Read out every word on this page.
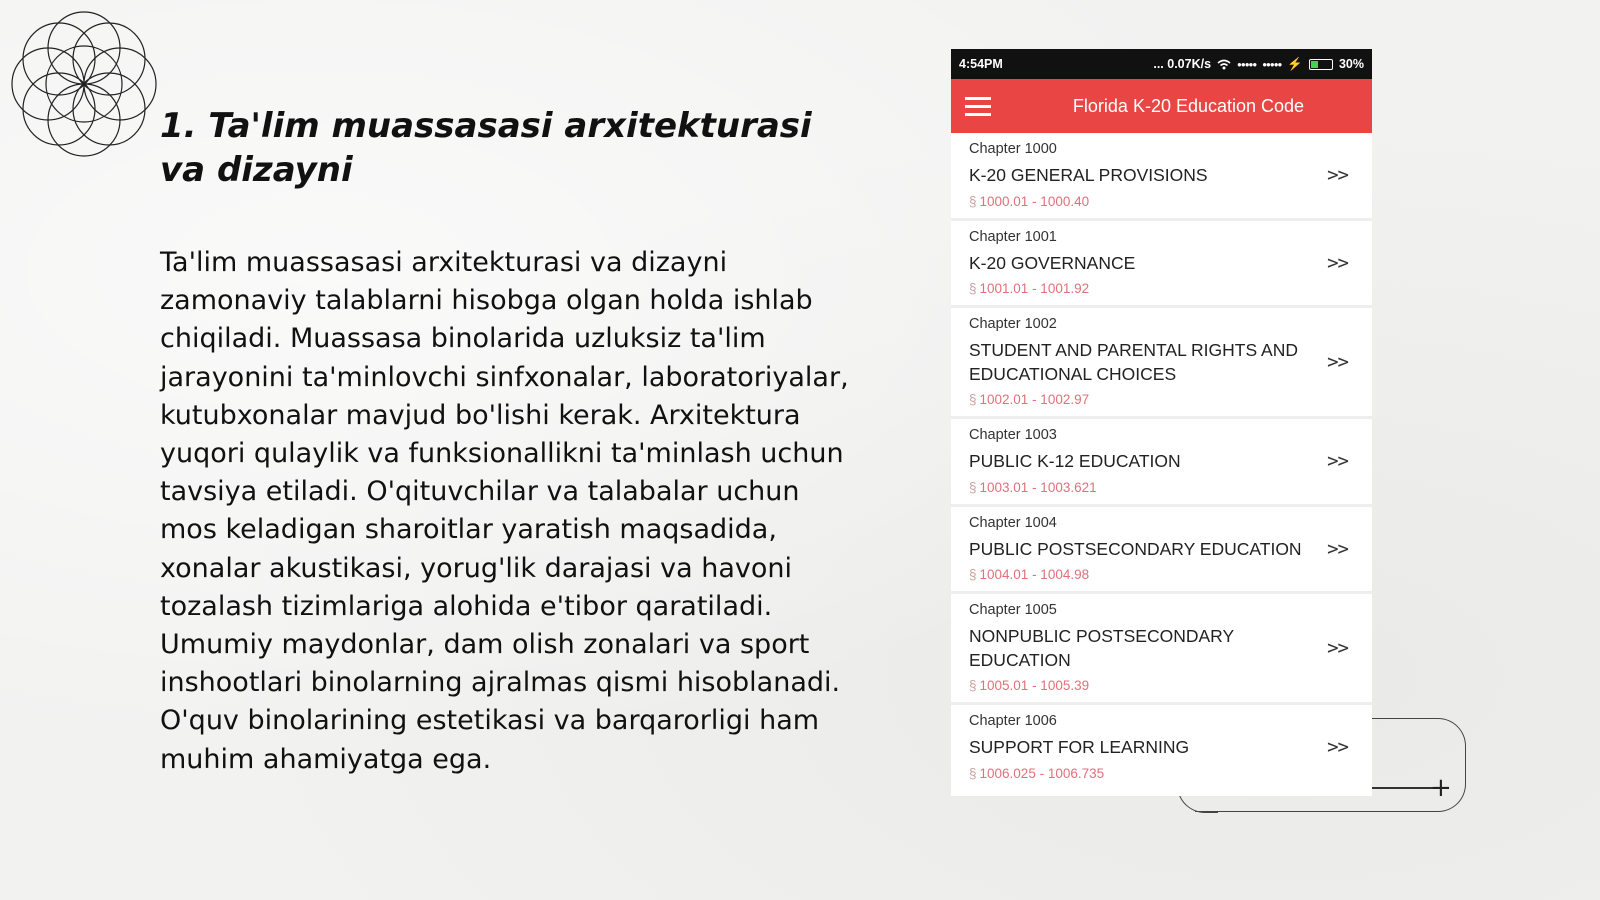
1. Ta'lim muassasasi arxitekturasi va dizayni

Ta'lim muassasasi arxitekturasi va dizayni zamonaviy talablarni hisobga olgan holda ishlab chiqiladi. Muassasa binolarida uzluksiz ta'lim jarayonini ta'minlovchi sinfxonalar, laboratoriyalar, kutubxonalar mavjud bo'lishi kerak. Arxitektura yuqori qulaylik va funksionallikni ta'minlash uchun tavsiya etiladi. O'qituvchilar va talabalar uchun mos keladigan sharoitlar yaratish maqsadida, xonalar akustikasi, yorug'lik darajasi va havoni tozalash tizimlariga alohida e'tibor qaratiladi. Umumiy maydonlar, dam olish zonalari va sport inshootlari binolarning ajralmas qismi hisoblanadi. O'quv binolarining estetikasi va barqarorligi ham muhim ahamiyatga ega.

+
4:54PM	... 0.07K/s	●●●●● ●●●●● ⚡	30%
Florida K-20 Education Code
Chapter 1000
K-20 GENERAL PROVISIONS
§ 1000.01 - 1000.40
>>
Chapter 1001
K-20 GOVERNANCE
§ 1001.01 - 1001.92
>>
Chapter 1002
STUDENT AND PARENTAL RIGHTS AND EDUCATIONAL CHOICES
§ 1002.01 - 1002.97
>>
Chapter 1003
PUBLIC K-12 EDUCATION
§ 1003.01 - 1003.621
>>
Chapter 1004
PUBLIC POSTSECONDARY EDUCATION
§ 1004.01 - 1004.98
>>
Chapter 1005
NONPUBLIC POSTSECONDARY EDUCATION
§ 1005.01 - 1005.39
>>
Chapter 1006
SUPPORT FOR LEARNING
§ 1006.025 - 1006.735
>>
